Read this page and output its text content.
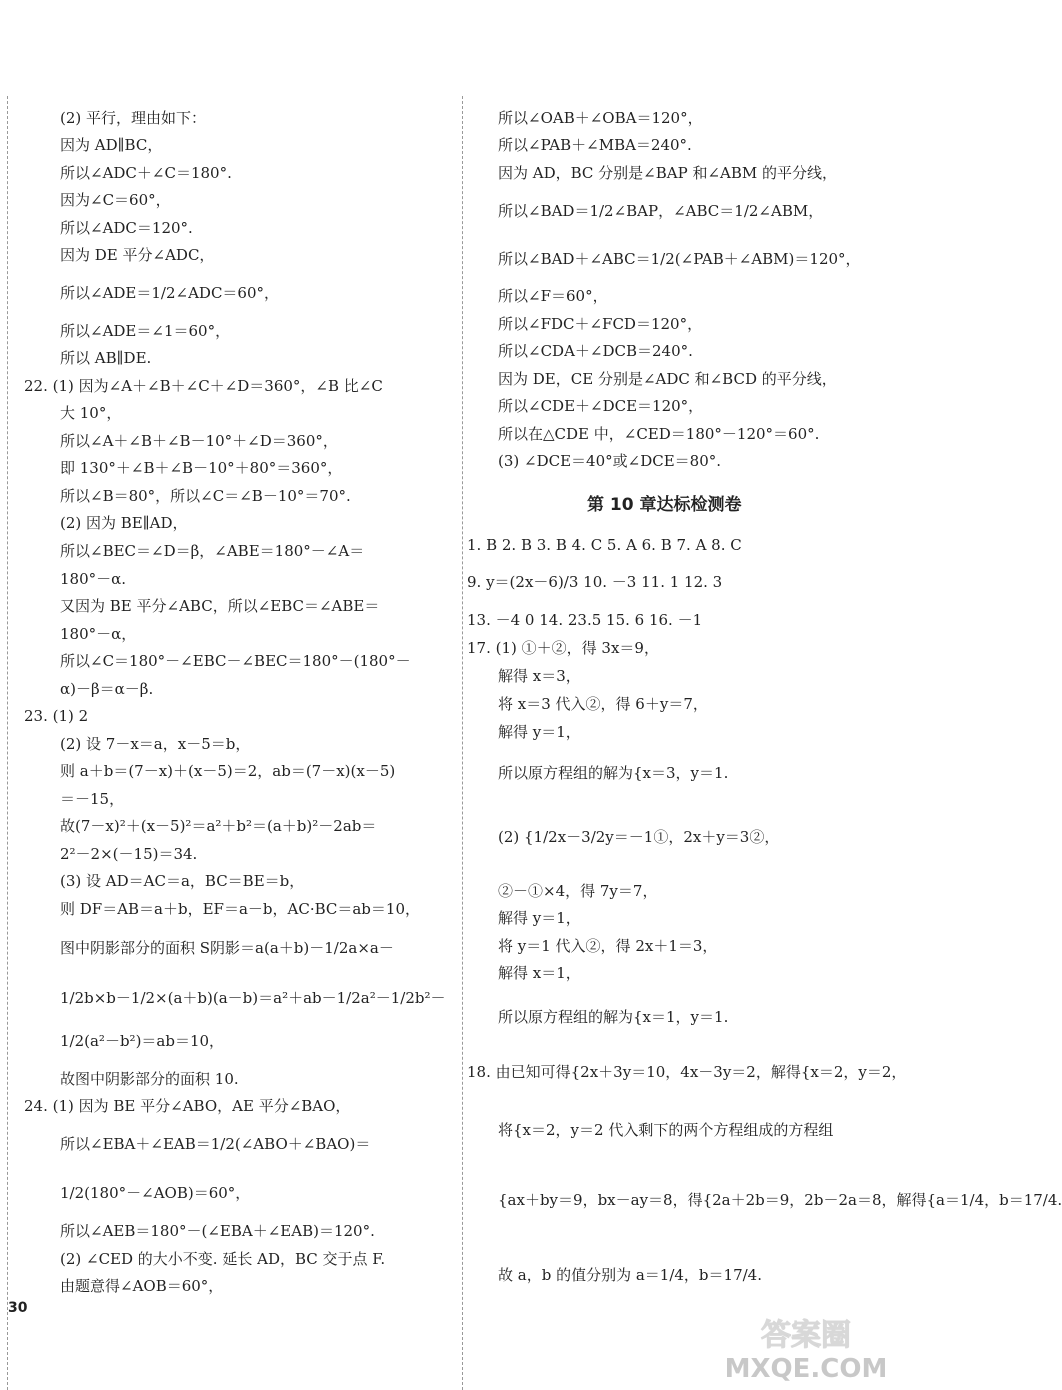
(2) 平行，理由如下：
因为 AD∥BC，
所以∠ADC＋∠C＝180°.
因为∠C＝60°，
所以∠ADC＝120°.
因为 DE 平分∠ADC，
所以∠ADE＝1/2∠ADC＝60°，
所以∠ADE＝∠1＝60°，
所以 AB∥DE.
22. (1) 因为∠A＋∠B＋∠C＋∠D＝360°，∠B 比∠C
大 10°，
所以∠A＋∠B＋∠B－10°＋∠D＝360°，
即 130°＋∠B＋∠B－10°＋80°＝360°，
所以∠B＝80°，所以∠C＝∠B－10°＝70°.
(2) 因为 BE∥AD，
所以∠BEC＝∠D＝β，∠ABE＝180°－∠A＝
180°－α.
又因为 BE 平分∠ABC，所以∠EBC＝∠ABE＝
180°－α，
所以∠C＝180°－∠EBC－∠BEC＝180°－(180°－
α)－β＝α－β.
23. (1) 2
(2) 设 7－x＝a，x－5＝b，
则 a＋b＝(7－x)＋(x－5)＝2，ab＝(7－x)(x－5)
＝－15，
故(7－x)²＋(x－5)²＝a²＋b²＝(a＋b)²－2ab＝
2²－2×(－15)＝34.
(3) 设 AD＝AC＝a，BC＝BE＝b，
则 DF＝AB＝a＋b，EF＝a－b，AC·BC＝ab＝10，
图中阴影部分的面积 S阴影＝a(a＋b)－1/2a×a－
1/2b×b－1/2×(a＋b)(a－b)＝a²＋ab－1/2a²－1/2b²－
1/2(a²－b²)＝ab＝10，
故图中阴影部分的面积 10.
24. (1) 因为 BE 平分∠ABO，AE 平分∠BAO，
所以∠EBA＋∠EAB＝1/2(∠ABO＋∠BAO)＝
1/2(180°－∠AOB)＝60°，
所以∠AEB＝180°－(∠EBA＋∠EAB)＝120°.
(2) ∠CED 的大小不变. 延长 AD，BC 交于点 F.
由题意得∠AOB＝60°，
所以∠OAB＋∠OBA＝120°，
所以∠PAB＋∠MBA＝240°.
因为 AD，BC 分别是∠BAP 和∠ABM 的平分线，
所以∠BAD＝1/2∠BAP，∠ABC＝1/2∠ABM，
所以∠BAD＋∠ABC＝1/2(∠PAB＋∠ABM)＝120°，
所以∠F＝60°，
所以∠FDC＋∠FCD＝120°，
所以∠CDA＋∠DCB＝240°.
因为 DE，CE 分别是∠ADC 和∠BCD 的平分线，
所以∠CDE＋∠DCE＝120°，
所以在△CDE 中，∠CED＝180°－120°＝60°.
(3) ∠DCE＝40°或∠DCE＝80°.
第 10 章达标检测卷
1. B 2. B 3. B 4. C 5. A 6. B 7. A 8. C
9. y＝(2x－6)/3 10. －3 11. 1 12. 3
13. －4 0 14. 23.5 15. 6 16. －1
17. (1) ①＋②，得 3x＝9，
解得 x＝3，
将 x＝3 代入②，得 6＋y＝7，
解得 y＝1，
所以原方程组的解为{x＝3，y＝1.
(2) {1/2x－3/2y＝－1①，2x＋y＝3②，
②－①×4，得 7y＝7，
解得 y＝1，
将 y＝1 代入②，得 2x＋1＝3，
解得 x＝1，
所以原方程组的解为{x＝1，y＝1.
18. 由已知可得{2x＋3y＝10，4x－3y＝2，解得{x＝2，y＝2，
将{x＝2，y＝2 代入剩下的两个方程组成的方程组
{ax＋by＝9，bx－ay＝8，得{2a＋2b＝9，2b－2a＝8，解得{a＝1/4，b＝17/4.
故 a，b 的值分别为 a＝1/4，b＝17/4.
30
答案圈
MXQE.COM
